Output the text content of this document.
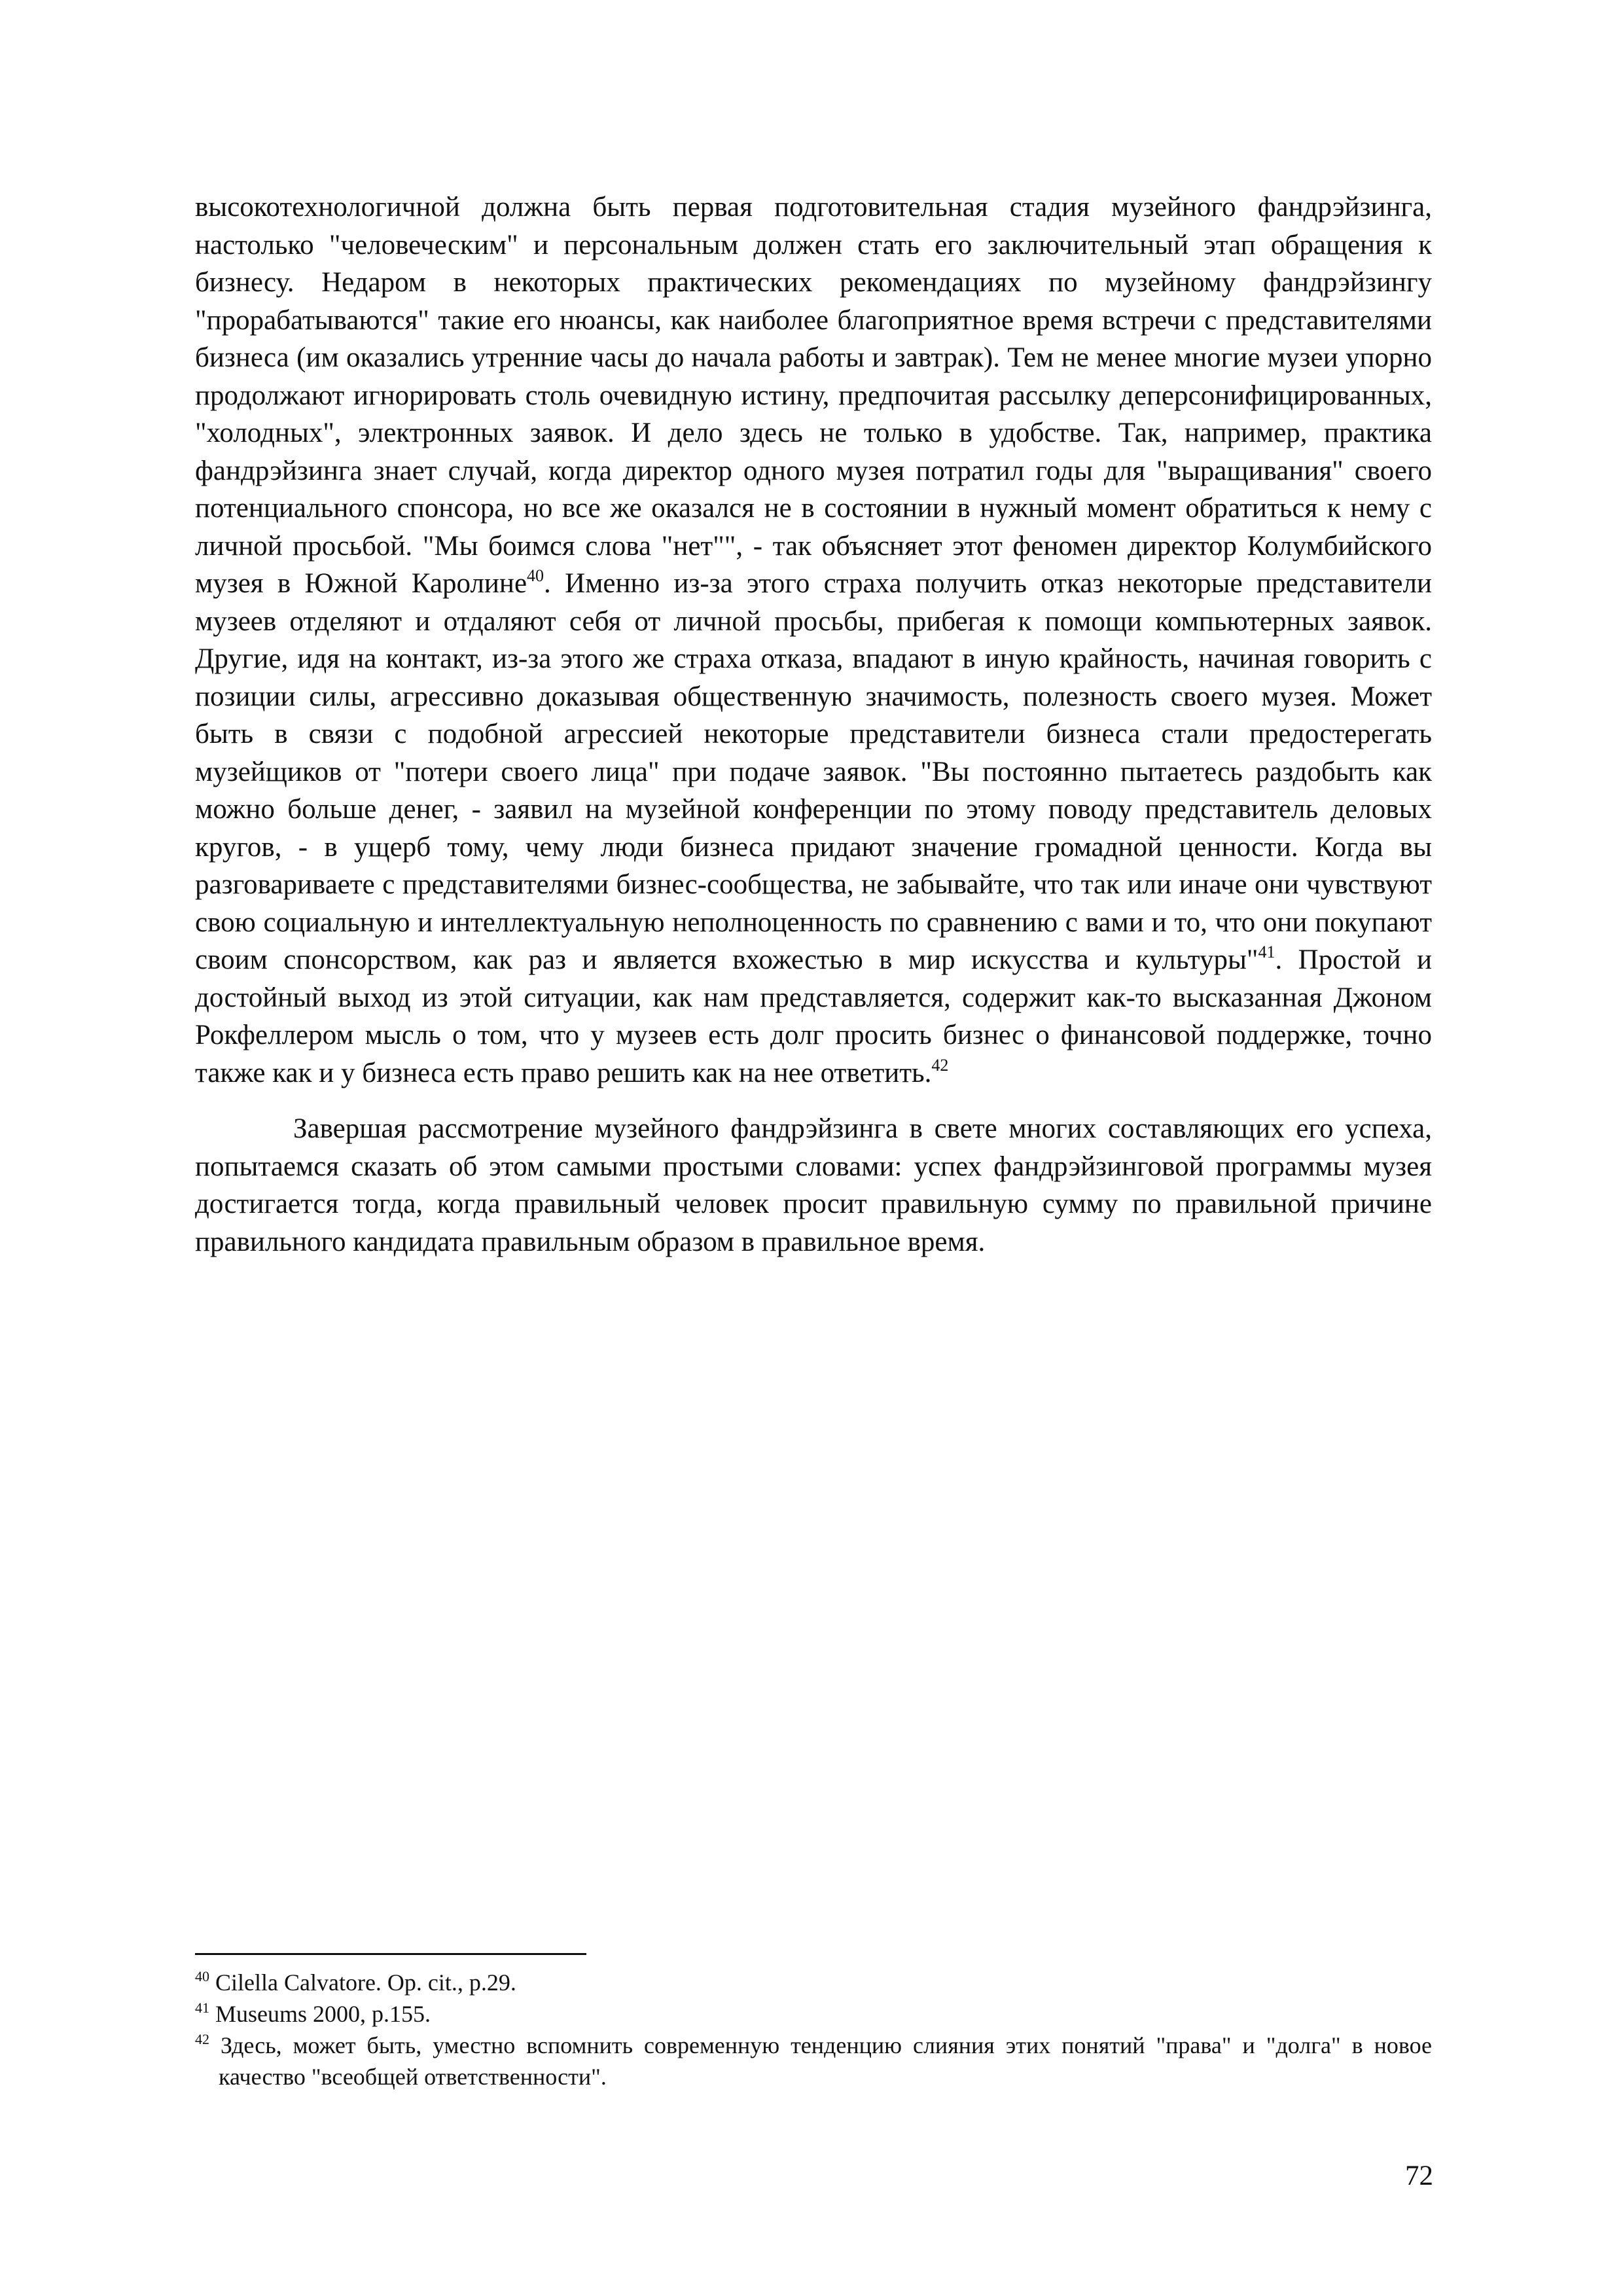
высокотехнологичной должна быть первая подготовительная стадия музейного фандрэйзинга, настолько "человеческим" и персональным должен стать его заключительный этап обращения к бизнесу. Недаром в некоторых практических рекомендациях по музейному фандрэйзингу "прорабатываются" такие его нюансы, как наиболее благоприятное время встречи с представителями бизнеса (им оказались утренние часы до начала работы и завтрак). Тем не менее многие музеи упорно продолжают игнорировать столь очевидную истину, предпочитая рассылку деперсонифицированных, "холодных", электронных заявок. И дело здесь не только в удобстве. Так, например, практика фандрэйзинга знает случай, когда директор одного музея потратил годы для "выращивания" своего потенциального спонсора, но все же оказался не в состоянии в нужный момент обратиться к нему с личной просьбой. "Мы боимся слова "нет"", - так объясняет этот феномен директор Колумбийского музея в Южной Каролине$^{40}$. Именно из-за этого страха получить отказ некоторые представители музеев отделяют и отдаляют себя от личной просьбы, прибегая к помощи компьютерных заявок. Другие, идя на контакт, из-за этого же страха отказа, впадают в иную крайность, начиная говорить с позиции силы, агрессивно доказывая общественную значимость, полезность своего музея. Может быть в связи с подобной агрессией некоторые представители бизнеса стали предостерегать музейщиков от "потери своего лица" при подаче заявок. "Вы постоянно пытаетесь раздобыть как можно больше денег, - заявил на музейной конференции по этому поводу представитель деловых кругов, - в ущерб тому, чему люди бизнеса придают значение громадной ценности. Когда вы разговариваете с представителями бизнес-сообщества, не забывайте, что так или иначе они чувствуют свою социальную и интеллектуальную неполноценность по сравнению с вами и то, что они покупают своим спонсорством, как раз и является вхожестью в мир искусства и культуры"$^{41}$. Простой и достойный выход из этой ситуации, как нам представляется, содержит как-то высказанная Джоном Рокфеллером мысль о том, что у музеев есть долг просить бизнес о финансовой поддержке, точно также как и у бизнеса есть право решить как на нее ответить.$^{42}$

Завершая рассмотрение музейного фандрэйзинга в свете многих составляющих его успеха, попытаемся сказать об этом самыми простыми словами: успех фандрэйзинговой программы музея достигается тогда, когда правильный человек просит правильную сумму по правильной причине правильного кандидата правильным образом в правильное время.

$^{40}$ Cilella Calvatore. Op. cit., p.29.

$^{41}$ Museums 2000, p.155.

$^{42}$ Здесь, может быть, уместно вспомнить современную тенденцию слияния этих понятий "права" и "долга" в новое качество "всеобщей ответственности".

72
